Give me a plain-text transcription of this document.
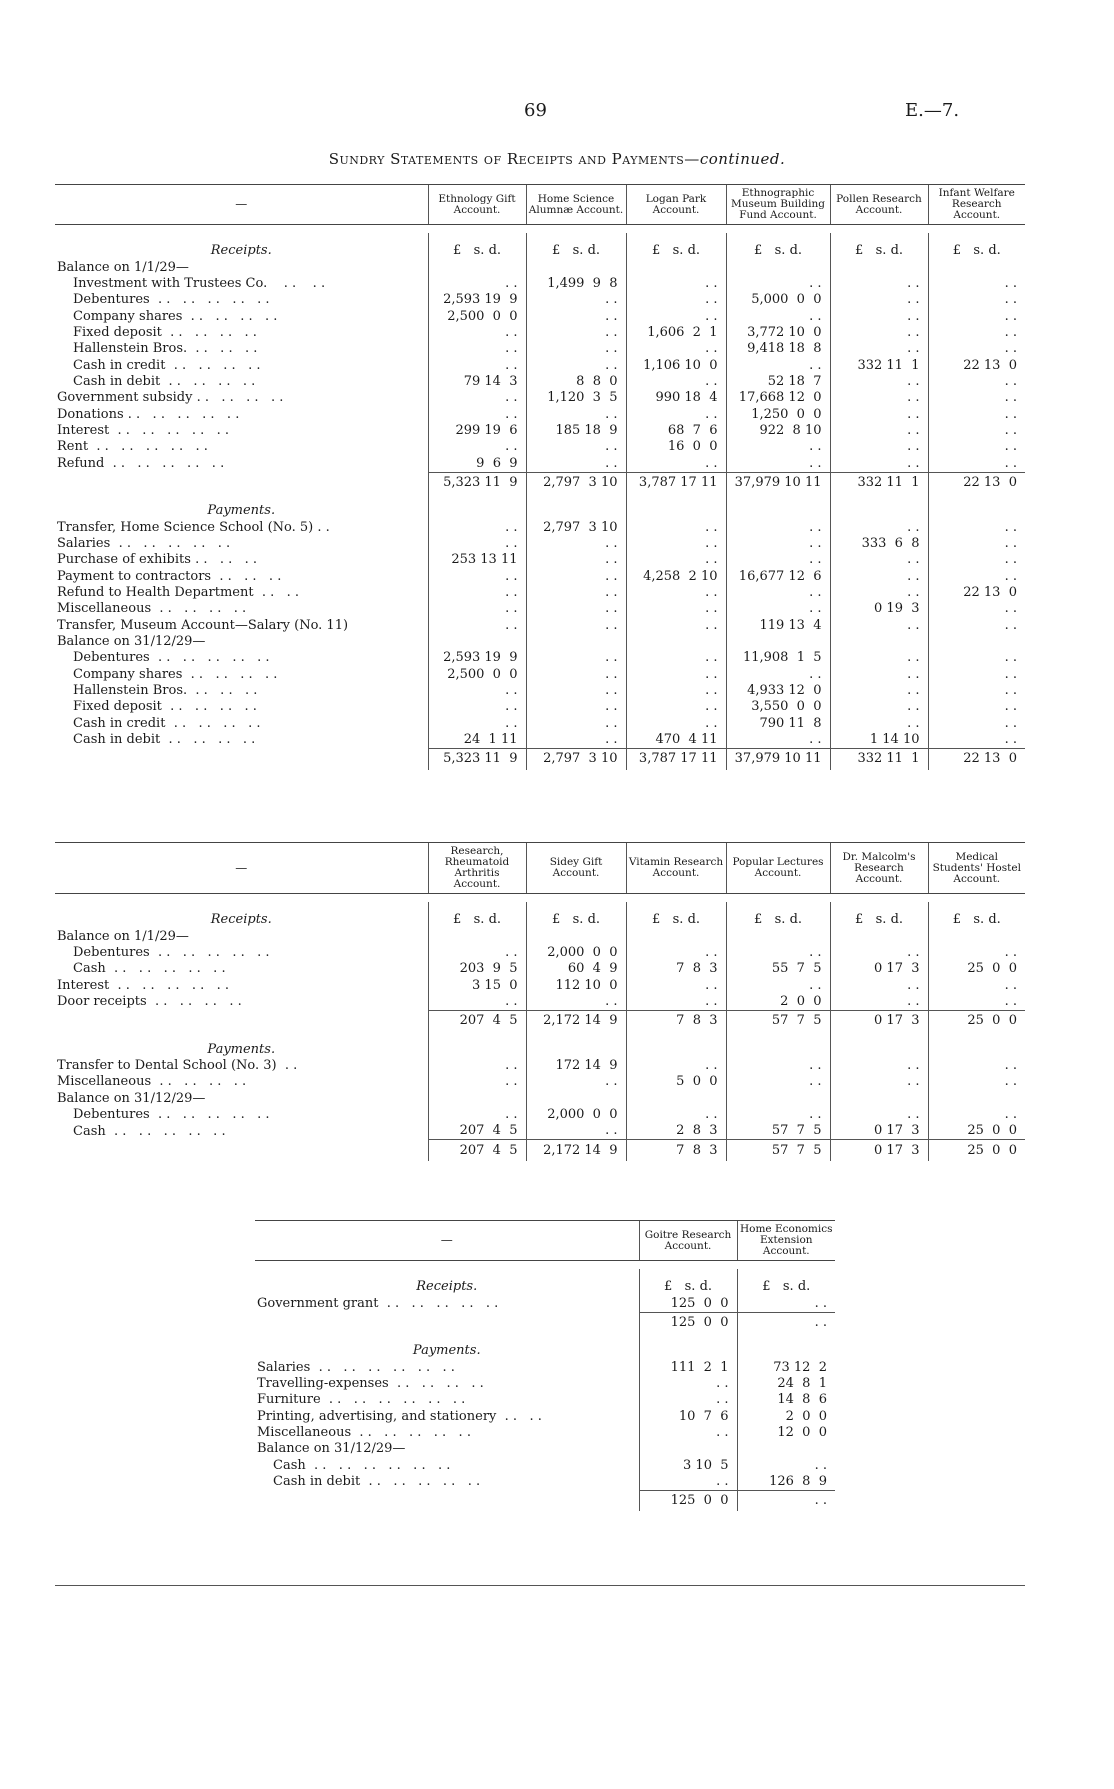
69	E.—7.
Sundry Statements of Receipts and Payments—continued.
—	Ethnology Gift Account.	Home Science Alumnæ Account.	Logan Park Account.	Ethnographic Museum Building Fund Account.	Pollen Research Account.	Infant Welfare Research Account.

Receipts.	£   s. d.	£   s. d.	£   s. d.	£   s. d.	£   s. d.	£   s. d.
Balance on 1/1/29—						
Investment with Trustees Co.    . .    . .	. .	1,499  9  8	. .	. .	. .	. .
Debentures  . .   . .   . .   . .   . .	2,593 19  9	. .	. .	5,000  0  0	. .	. .
Company shares  . .   . .   . .   . .	2,500  0  0	. .	. .	. .	. .	. .
Fixed deposit  . .   . .   . .   . .	. .	. .	1,606  2  1	3,772 10  0	. .	. .
Hallenstein Bros.  . .   . .   . .	. .	. .	. .	9,418 18  8	. .	. .
Cash in credit  . .   . .   . .   . .	. .	. .	1,106 10  0	. .	332 11  1	22 13  0
Cash in debit  . .   . .   . .   . .	79 14  3	8  8  0	. .	52 18  7	. .	. .
Government subsidy . .   . .   . .   . .	. .	1,120  3  5	990 18  4	17,668 12  0	. .	. .
Donations . .   . .   . .   . .   . .	. .	. .	. .	1,250  0  0	. .	. .
Interest  . .   . .   . .   . .   . .	299 19  6	185 18  9	68  7  6	922  8 10	. .	. .
Rent  . .   . .   . .   . .   . .	. .	. .	16  0  0	. .	. .	. .
Refund  . .   . .   . .   . .   . .	9  6  9	. .	. .	. .	. .	. .
	5,323 11  9	2,797  3 10	3,787 17 11	37,979 10 11	332 11  1	22 13  0
Payments.						
Transfer, Home Science School (No. 5) . .	. .	2,797  3 10	. .	. .	. .	. .
Salaries  . .   . .   . .   . .   . .	. .	. .	. .	. .	333  6  8	. .
Purchase of exhibits . .   . .   . .	253 13 11	. .	. .	. .	. .	. .
Payment to contractors  . .   . .   . .	. .	. .	4,258  2 10	16,677 12  6	. .	. .
Refund to Health Department  . .   . .	. .	. .	. .	. .	. .	22 13  0
Miscellaneous  . .   . .   . .   . .	. .	. .	. .	. .	0 19  3	. .
Transfer, Museum Account—Salary (No. 11)	. .	. .	. .	119 13  4	. .	. .
Balance on 31/12/29—						
Debentures  . .   . .   . .   . .   . .	2,593 19  9	. .	. .	11,908  1  5	. .	. .
Company shares  . .   . .   . .   . .	2,500  0  0	. .	. .	. .	. .	. .
Hallenstein Bros.  . .   . .   . .	. .	. .	. .	4,933 12  0	. .	. .
Fixed deposit  . .   . .   . .   . .	. .	. .	. .	3,550  0  0	. .	. .
Cash in credit  . .   . .   . .   . .	. .	. .	. .	790 11  8	. .	. .
Cash in debit  . .   . .   . .   . .	24  1 11	. .	470  4 11	. .	1 14 10	. .
	5,323 11  9	2,797  3 10	3,787 17 11	37,979 10 11	332 11  1	22 13  0
—	Research, Rheumatoid Arthritis Account.	Sidey Gift Account.	Vitamin Research Account.	Popular Lectures Account.	Dr. Malcolm's Research Account.	Medical Students' Hostel Account.

Receipts.	£   s. d.	£   s. d.	£   s. d.	£   s. d.	£   s. d.	£   s. d.
Balance on 1/1/29—						
Debentures  . .   . .   . .   . .   . .	. .	2,000  0  0	. .	. .	. .	. .
Cash  . .   . .   . .   . .   . .	203  9  5	60  4  9	7  8  3	55  7  5	0 17  3	25  0  0
Interest  . .   . .   . .   . .   . .	3 15  0	112 10  0	. .	. .	. .	. .
Door receipts  . .   . .   . .   . .	. .	. .	. .	2  0  0	. .	. .
	207  4  5	2,172 14  9	7  8  3	57  7  5	0 17  3	25  0  0
Payments.						
Transfer to Dental School (No. 3)  . .	. .	172 14  9	. .	. .	. .	. .
Miscellaneous  . .   . .   . .   . .	. .	. .	5  0  0	. .	. .	. .
Balance on 31/12/29—						
Debentures  . .   . .   . .   . .   . .	. .	2,000  0  0	. .	. .	. .	. .
Cash  . .   . .   . .   . .   . .	207  4  5	. .	2  8  3	57  7  5	0 17  3	25  0  0
	207  4  5	2,172 14  9	7  8  3	57  7  5	0 17  3	25  0  0
—	Goitre Research Account.	Home Economics Extension Account.

Receipts.	£   s. d.	£   s. d.
Government grant  . .   . .   . .   . .   . .	125  0  0	. .
	125  0  0	. .
Payments.		
Salaries  . .   . .   . .   . .   . .   . .	111  2  1	73 12  2
Travelling-expenses  . .   . .   . .   . .	. .	24  8  1
Furniture  . .   . .   . .   . .   . .   . .	. .	14  8  6
Printing, advertising, and stationery  . .   . .	10  7  6	2  0  0
Miscellaneous  . .   . .   . .   . .   . .	. .	12  0  0
Balance on 31/12/29—		
Cash  . .   . .   . .   . .   . .   . .	3 10  5	. .
Cash in debit  . .   . .   . .   . .   . .	. .	126  8  9
	125  0  0	. .
